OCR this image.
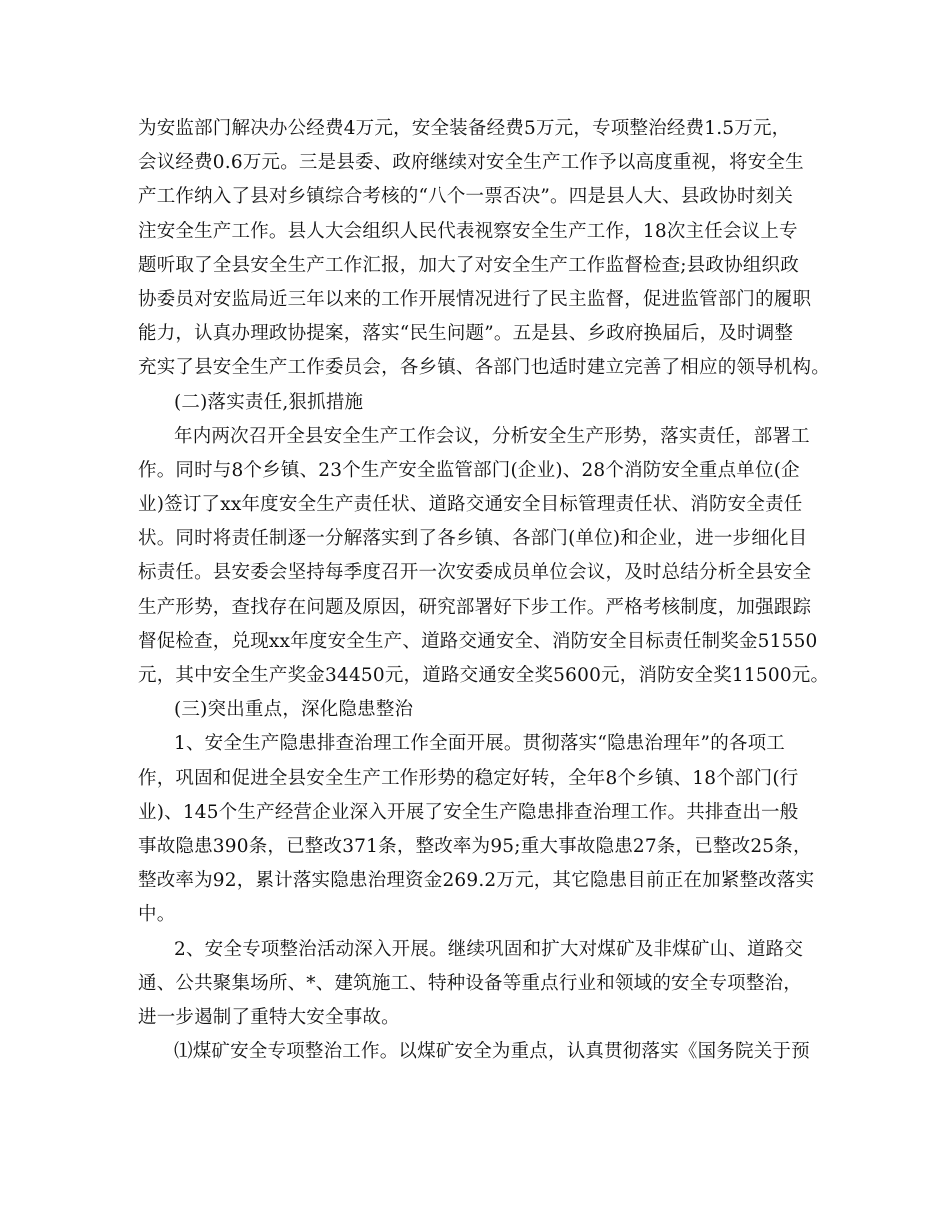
为安监部门解决办公经费4万元，安全装备经费5万元，专项整治经费1.5万元，
会议经费0.6万元。三是县委、政府继续对安全生产工作予以高度重视，将安全生
产工作纳入了县对乡镇综合考核的“八个一票否决”。四是县人大、县政协时刻关
注安全生产工作。县人大会组织人民代表视察安全生产工作，18次主任会议上专
题听取了全县安全生产工作汇报，加大了对安全生产工作监督检查;县政协组织政
协委员对安监局近三年以来的工作开展情况进行了民主监督，促进监管部门的履职
能力，认真办理政协提案，落实“民生问题”。五是县、乡政府换届后，及时调整
充实了县安全生产工作委员会，各乡镇、各部门也适时建立完善了相应的领导机构。
(二)落实责任,狠抓措施
年内两次召开全县安全生产工作会议，分析安全生产形势，落实责任，部署工
作。同时与8个乡镇、23个生产安全监管部门(企业)、28个消防安全重点单位(企
业)签订了xx年度安全生产责任状、道路交通安全目标管理责任状、消防安全责任
状。同时将责任制逐一分解落实到了各乡镇、各部门(单位)和企业，进一步细化目
标责任。县安委会坚持每季度召开一次安委成员单位会议，及时总结分析全县安全
生产形势，查找存在问题及原因，研究部署好下步工作。严格考核制度，加强跟踪
督促检查，兑现xx年度安全生产、道路交通安全、消防安全目标责任制奖金51550
元，其中安全生产奖金34450元，道路交通安全奖5600元，消防安全奖11500元。
(三)突出重点，深化隐患整治
1、安全生产隐患排查治理工作全面开展。贯彻落实“隐患治理年”的各项工
作，巩固和促进全县安全生产工作形势的稳定好转，全年8个乡镇、18个部门(行
业)、145个生产经营企业深入开展了安全生产隐患排查治理工作。共排查出一般
事故隐患390条，已整改371条，整改率为95;重大事故隐患27条，已整改25条，
整改率为92，累计落实隐患治理资金269.2万元，其它隐患目前正在加紧整改落实
中。
2、安全专项整治活动深入开展。继续巩固和扩大对煤矿及非煤矿山、道路交
通、公共聚集场所、*、建筑施工、特种设备等重点行业和领域的安全专项整治，
进一步遏制了重特大安全事故。
⑴煤矿安全专项整治工作。以煤矿安全为重点，认真贯彻落实《国务院关于预
